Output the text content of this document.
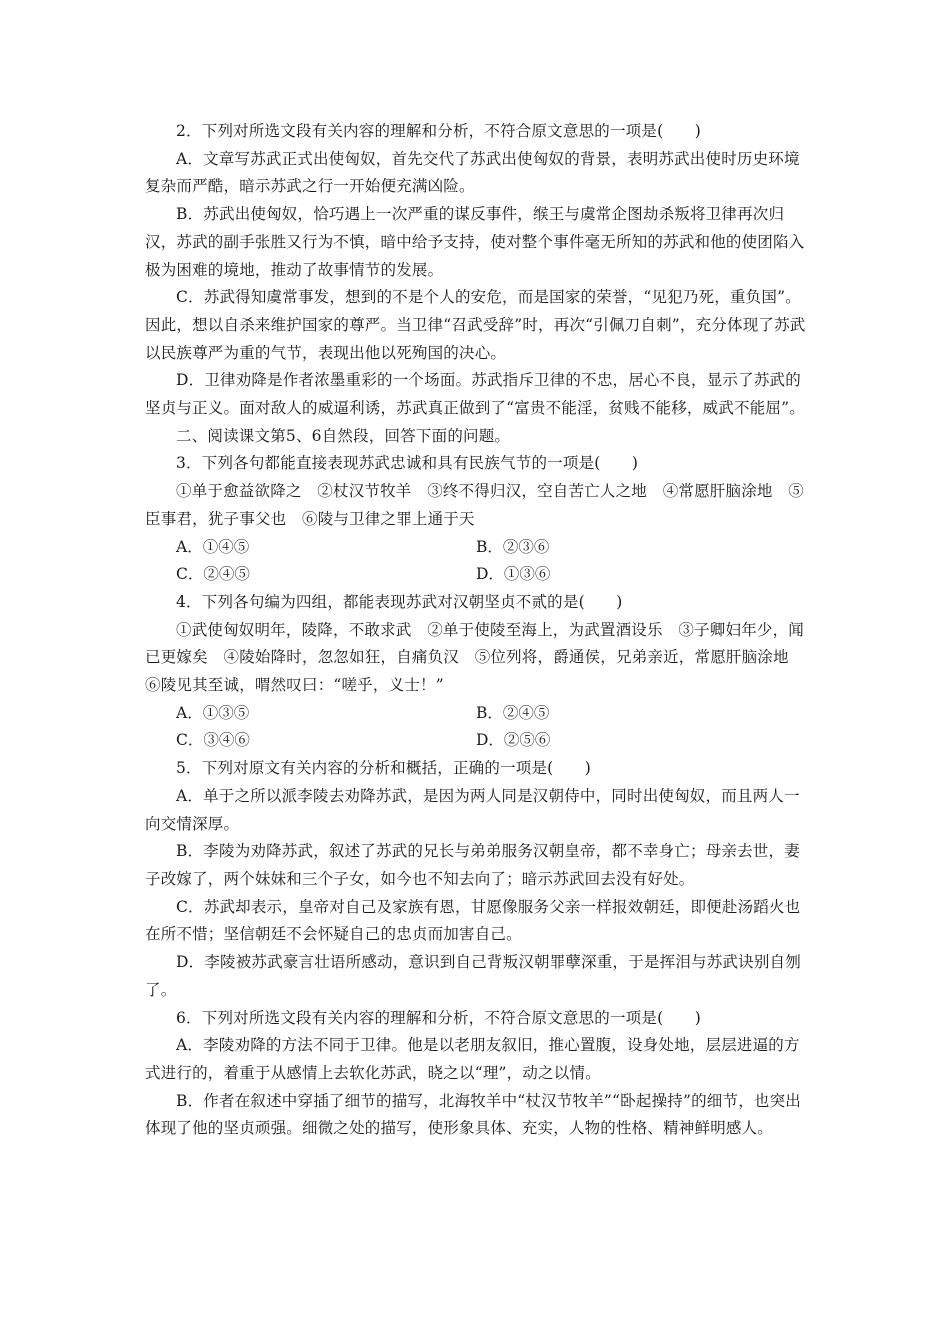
2．下列对所选文段有关内容的理解和分析，不符合原文意思的一项是(　　)

A．文章写苏武正式出使匈奴，首先交代了苏武出使匈奴的背景，表明苏武出使时历史环境复杂而严酷，暗示苏武之行一开始便充满凶险。

B．苏武出使匈奴，恰巧遇上一次严重的谋反事件，缑王与虞常企图劫杀叛将卫律再次归汉，苏武的副手张胜又行为不慎，暗中给予支持，使对整个事件毫无所知的苏武和他的使团陷入极为困难的境地，推动了故事情节的发展。

C．苏武得知虞常事发，想到的不是个人的安危，而是国家的荣誉，“见犯乃死，重负国”。因此，想以自杀来维护国家的尊严。当卫律“召武受辞”时，再次“引佩刀自刺”，充分体现了苏武以民族尊严为重的气节，表现出他以死殉国的决心。

D．卫律劝降是作者浓墨重彩的一个场面。苏武指斥卫律的不忠，居心不良，显示了苏武的坚贞与正义。面对敌人的威逼利诱，苏武真正做到了“富贵不能淫，贫贱不能移，威武不能屈”。

二、阅读课文第5、6自然段，回答下面的问题。

3．下列各句都能直接表现苏武忠诚和具有民族气节的一项是(　　)

①单于愈益欲降之　②杖汉节牧羊　③终不得归汉，空自苦亡人之地　④常愿肝脑涂地　⑤臣事君，犹子事父也　⑥陵与卫律之罪上通于天

A．①④⑤	B．②③⑥
C．②④⑤	D．①③⑥

4．下列各句编为四组，都能表现苏武对汉朝坚贞不贰的是(　　)

①武使匈奴明年，陵降，不敢求武　②单于使陵至海上，为武置酒设乐　③子卿妇年少，闻已更嫁矣　④陵始降时，忽忽如狂，自痛负汉　⑤位列将，爵通侯，兄弟亲近，常愿肝脑涂地　⑥陵见其至诚，喟然叹曰：“嗟乎，义士！”

A．①③⑤	B．②④⑤
C．③④⑥	D．②⑤⑥

5．下列对原文有关内容的分析和概括，正确的一项是(　　)

A．单于之所以派李陵去劝降苏武，是因为两人同是汉朝侍中，同时出使匈奴，而且两人一向交情深厚。

B．李陵为劝降苏武，叙述了苏武的兄长与弟弟服务汉朝皇帝，都不幸身亡；母亲去世，妻子改嫁了，两个妹妹和三个子女，如今也不知去向了；暗示苏武回去没有好处。

C．苏武却表示，皇帝对自己及家族有恩，甘愿像服务父亲一样报效朝廷，即便赴汤蹈火也在所不惜；坚信朝廷不会怀疑自己的忠贞而加害自己。

D．李陵被苏武豪言壮语所感动，意识到自己背叛汉朝罪孽深重，于是挥泪与苏武诀别自刎了。

6．下列对所选文段有关内容的理解和分析，不符合原文意思的一项是(　　)

A．李陵劝降的方法不同于卫律。他是以老朋友叙旧，推心置腹，设身处地，层层进逼的方式进行的，着重于从感情上去软化苏武，晓之以“理”，动之以情。

B．作者在叙述中穿插了细节的描写，北海牧羊中“杖汉节牧羊”“卧起操持”的细节，也突出体现了他的坚贞顽强。细微之处的描写，使形象具体、充实，人物的性格、精神鲜明感人。
